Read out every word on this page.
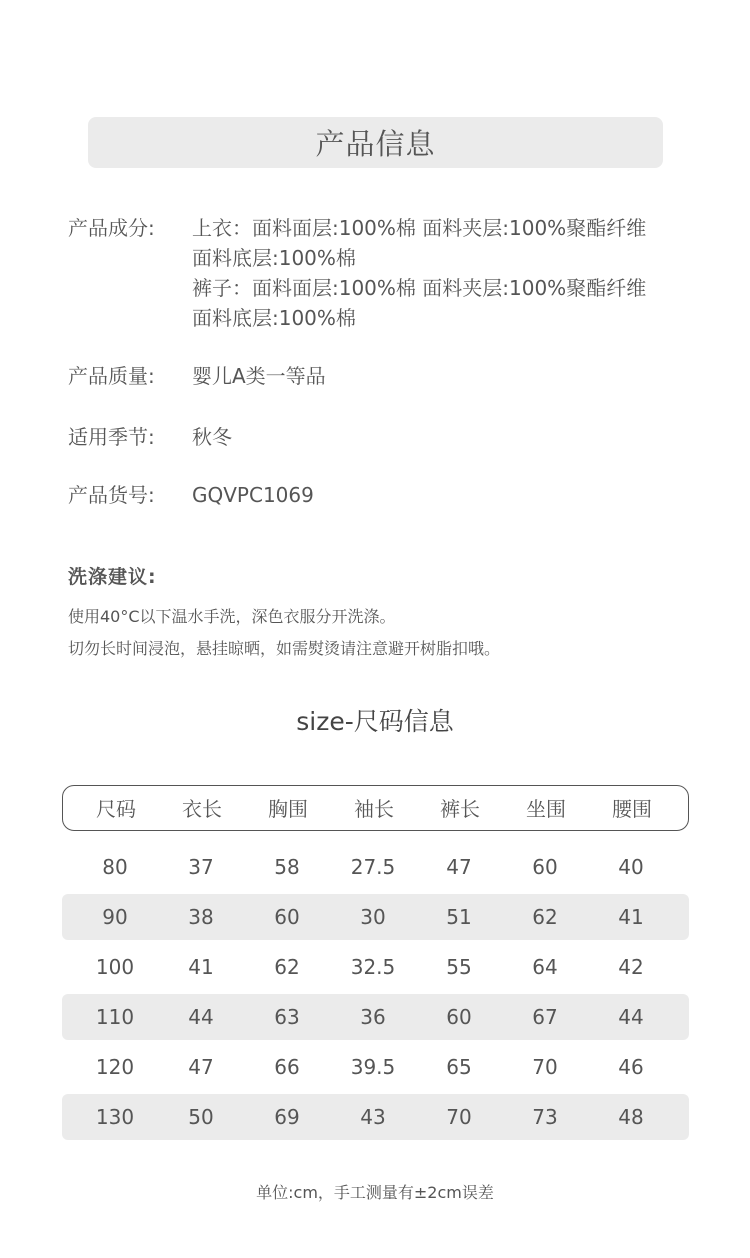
产品信息
产品成分: 上衣：面料面层:100%棉 面料夹层:100%聚酯纤维
面料底层:100%棉
裤子：面料面层:100%棉 面料夹层:100%聚酯纤维
面料底层:100%棉
产品质量: 婴儿A类一等品
适用季节: 秋冬
产品货号: GQVPC1069
洗涤建议:
使用40°C以下温水手洗，深色衣服分开洗涤。
切勿长时间浸泡，悬挂晾晒，如需熨烫请注意避开树脂扣哦。
size-尺码信息
尺码	衣长	胸围	袖长	裤长	坐围	腰围
80	37	58	27.5	47	60	40
90	38	60	30	51	62	41
100	41	62	32.5	55	64	42
110	44	63	36	60	67	44
120	47	66	39.5	65	70	46
130	50	69	43	70	73	48
单位:cm，手工测量有±2cm误差
